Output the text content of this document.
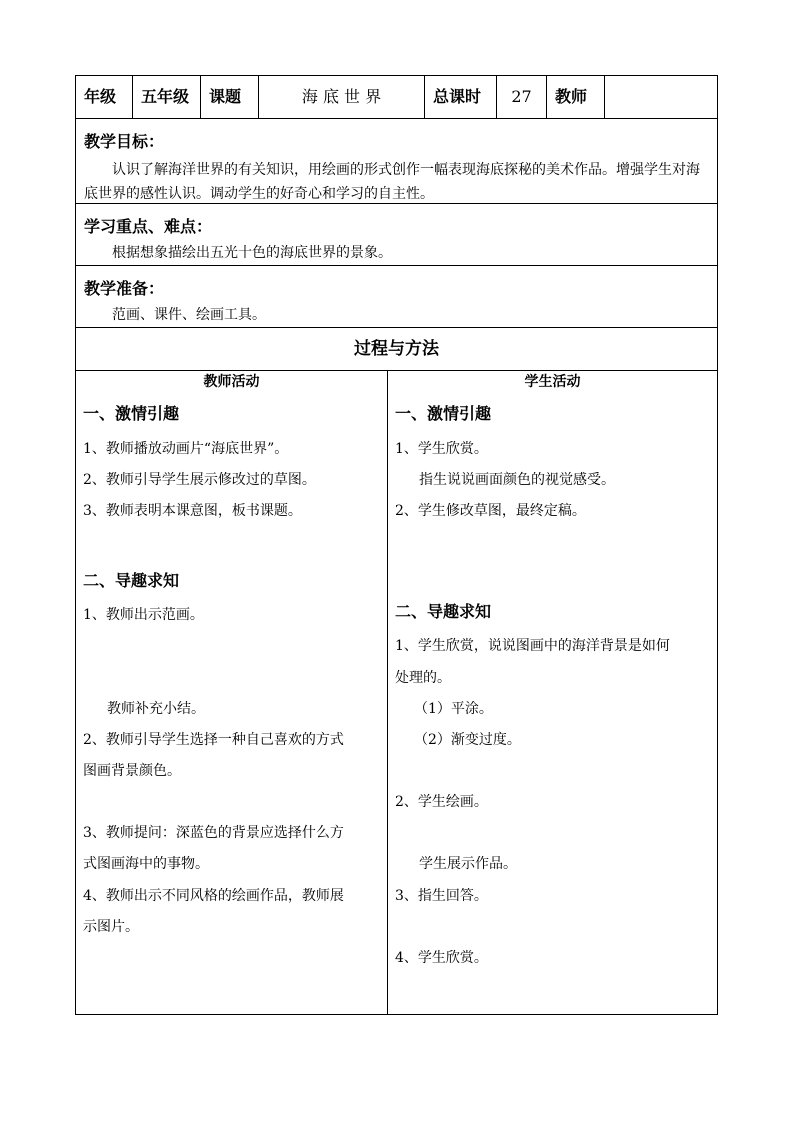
年级	五年级	课题	海 底 世 界	总课时	27	教师
教学目标：
认识了解海洋世界的有关知识，用绘画的形式创作一幅表现海底探秘的美术作品。增强学生对海底世界的感性认识。调动学生的好奇心和学习的自主性。
学习重点、难点：
根据想象描绘出五光十色的海底世界的景象。
教学准备：
范画、课件、绘画工具。
过程与方法
教师活动
一、激情引趣
1、教师播放动画片“海底世界”。
2、教师引导学生展示修改过的草图。
3、教师表明本课意图，板书课题。
二、导趣求知
1、教师出示范画。
教师补充小结。
2、教师引导学生选择一种自己喜欢的方式
图画背景颜色。
3、教师提问：深蓝色的背景应选择什么方
式图画海中的事物。
4、教师出示不同风格的绘画作品，教师展
示图片。
学生活动
一、激情引趣
1、学生欣赏。
指生说说画面颜色的视觉感受。
2、学生修改草图，最终定稿。
二、导趣求知
1、学生欣赏，说说图画中的海洋背景是如何
处理的。
（1）平涂。
（2）渐变过度。
2、学生绘画。
学生展示作品。
3、指生回答。
4、学生欣赏。
